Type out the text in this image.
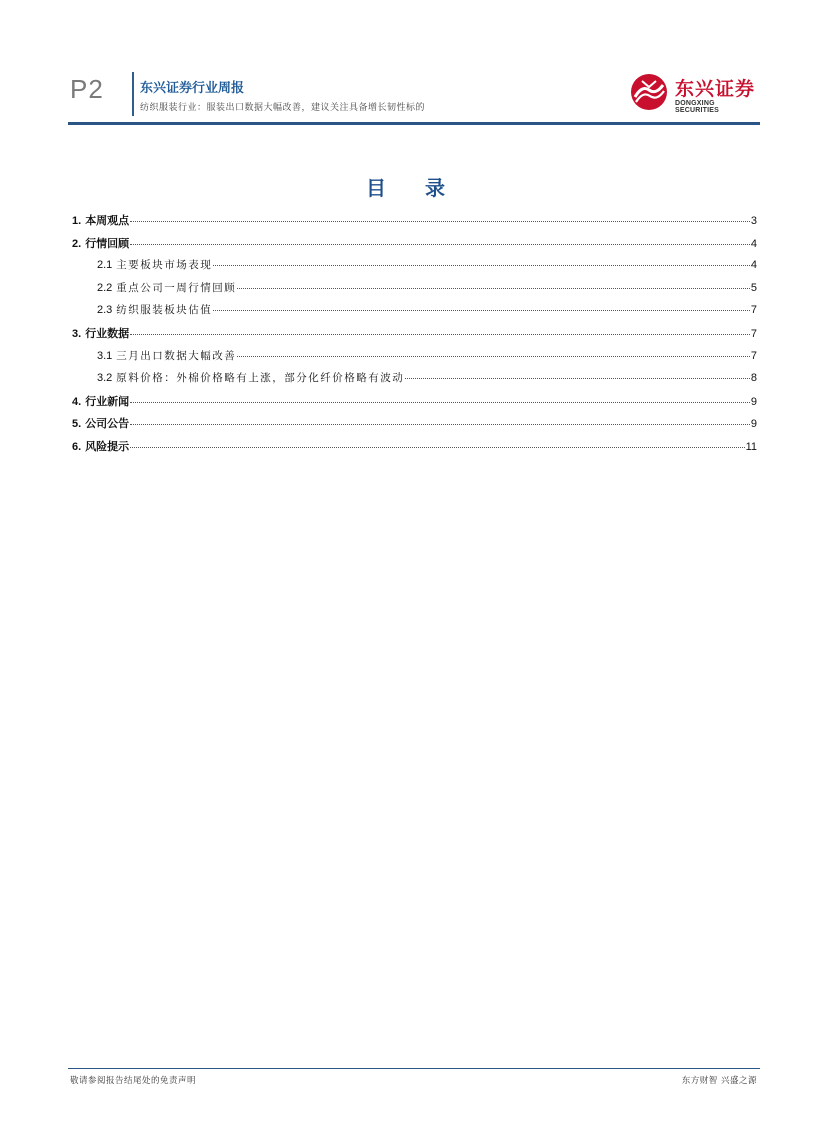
P2	东兴证券行业周报
纺织服装行业：服装出口数据大幅改善，建议关注具备增长韧性标的
东兴证券
DONGXING SECURITIES
目 录
1. 本周观点	3
2. 行情回顾	4
2.1 主要板块市场表现	4
2.2 重点公司一周行情回顾	5
2.3 纺织服装板块估值	7
3. 行业数据	7
3.1 三月出口数据大幅改善	7
3.2 原料价格：外棉价格略有上涨，部分化纤价格略有波动	8
4. 行业新闻	9
5. 公司公告	9
6. 风险提示	11
敬请参阅报告结尾处的免责声明	东方财智 兴盛之源
